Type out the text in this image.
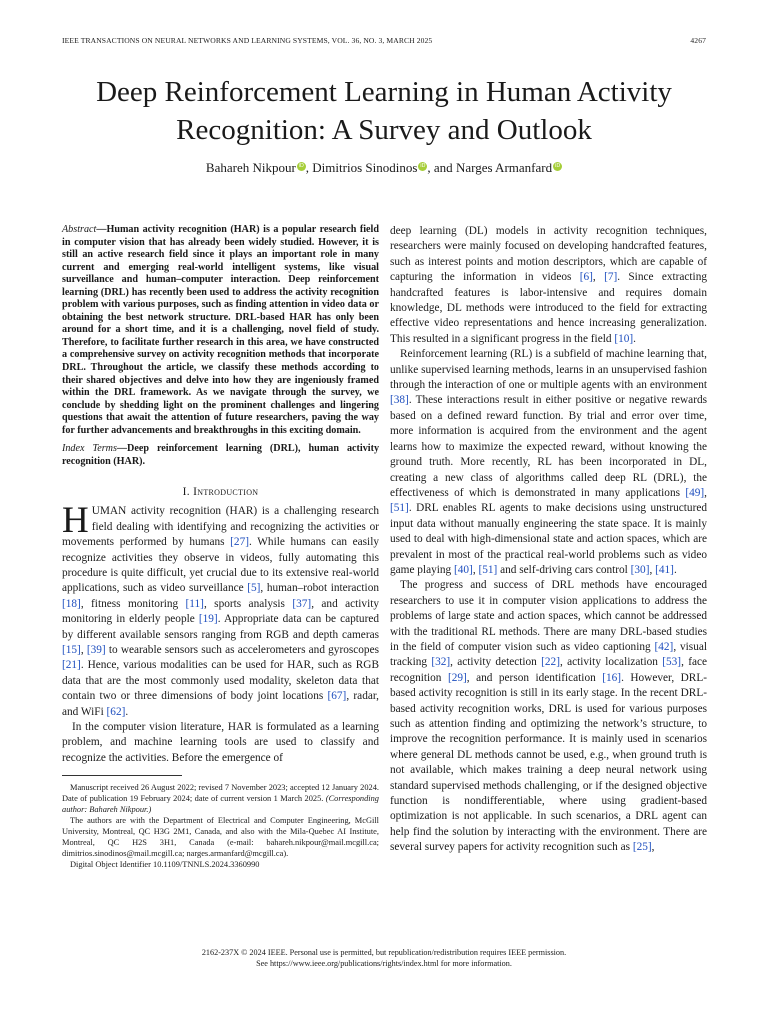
IEEE TRANSACTIONS ON NEURAL NETWORKS AND LEARNING SYSTEMS, VOL. 36, NO. 3, MARCH 2025	4267
Deep Reinforcement Learning in Human Activity Recognition: A Survey and Outlook
Bahareh Nikpour iD , Dimitrios Sinodinos iD , and Narges Armanfard iD

Abstract—Human activity recognition (HAR) is a popular research field in computer vision that has already been widely studied. However, it is still an active research field since it plays an important role in many current and emerging real-world intelligent systems, like visual surveillance and human–computer interaction. Deep reinforcement learning (DRL) has recently been used to address the activity recognition problem with various purposes, such as finding attention in video data or obtaining the best network structure. DRL-based HAR has only been around for a short time, and it is a challenging, novel field of study. Therefore, to facilitate further research in this area, we have constructed a comprehensive survey on activity recognition methods that incorporate DRL. Throughout the article, we classify these methods according to their shared objectives and delve into how they are ingeniously framed within the DRL framework. As we navigate through the survey, we conclude by shedding light on the prominent challenges and lingering questions that await the attention of future researchers, paving the way for further advancements and breakthroughs in this exciting domain.

Index Terms—Deep reinforcement learning (DRL), human activity recognition (HAR).

I. Introduction

HUMAN activity recognition (HAR) is a challenging research field dealing with identifying and recognizing the activities or movements performed by humans [27]. While humans can easily recognize activities they observe in videos, fully automating this procedure is quite difficult, yet crucial due to its extensive real-world applications, such as video surveillance [5], human–robot interaction [18], fitness monitoring [11], sports analysis [37], and activity monitoring in elderly people [19]. Appropriate data can be captured by different available sensors ranging from RGB and depth cameras [15], [39] to wearable sensors such as accelerometers and gyroscopes [21]. Hence, various modalities can be used for HAR, such as RGB data that are the most commonly used modality, skeleton data that contain two or three dimensions of body joint locations [67], radar, and WiFi [62].

In the computer vision literature, HAR is formulated as a learning problem, and machine learning tools are used to classify and recognize the activities. Before the emergence of

Manuscript received 26 August 2022; revised 7 November 2023; accepted 12 January 2024. Date of publication 19 February 2024; date of current version 1 March 2025. (Corresponding author: Bahareh Nikpour.)

The authors are with the Department of Electrical and Computer Engineering, McGill University, Montreal, QC H3G 2M1, Canada, and also with the Mila-Quebec AI Institute, Montreal, QC H2S 3H1, Canada (e-mail: bahareh.nikpour@mail.mcgill.ca; dimitrios.sinodinos@mail.mcgill.ca; narges.armanfard@mcgill.ca).

Digital Object Identifier 10.1109/TNNLS.2024.3360990

deep learning (DL) models in activity recognition techniques, researchers were mainly focused on developing handcrafted features, such as interest points and motion descriptors, which are capable of capturing the information in videos [6], [7]. Since extracting handcrafted features is labor-intensive and requires domain knowledge, DL methods were introduced to the field for extracting effective video representations and hence increasing generalization. This resulted in a significant progress in the field [10].

Reinforcement learning (RL) is a subfield of machine learning that, unlike supervised learning methods, learns in an unsupervised fashion through the interaction of one or multiple agents with an environment [38]. These interactions result in either positive or negative rewards based on a defined reward function. By trial and error over time, more information is acquired from the environment and the agent learns how to maximize the expected reward, without knowing the ground truth. More recently, RL has been incorporated in DL, creating a new class of algorithms called deep RL (DRL), the effectiveness of which is demonstrated in many applications [49], [51]. DRL enables RL agents to make decisions using unstructured input data without manually engineering the state space. It is mainly used to deal with high-dimensional state and action spaces, which are prevalent in most of the practical real-world problems such as video game playing [40], [51] and self-driving cars control [30], [41].

The progress and success of DRL methods have encouraged researchers to use it in computer vision applications to address the problems of large state and action spaces, which cannot be addressed with the traditional RL methods. There are many DRL-based studies in the field of computer vision such as video captioning [42], visual tracking [32], activity detection [22], activity localization [53], face recognition [29], and person identification [16]. However, DRL-based activity recognition is still in its early stage. In the recent DRL-based activity recognition works, DRL is used for various purposes such as attention finding and optimizing the network’s structure, to improve the recognition performance. It is mainly used in scenarios where general DL methods cannot be used, e.g., when ground truth is not available, which makes training a deep neural network using standard supervised methods challenging, or if the designed objective function is nondifferentiable, where using gradient-based optimization is not applicable. In such scenarios, a DRL agent can help find the solution by interacting with the environment. There are several survey papers for activity recognition such as [25],

2162-237X © 2024 IEEE. Personal use is permitted, but republication/redistribution requires IEEE permission.
See https://www.ieee.org/publications/rights/index.html for more information.
